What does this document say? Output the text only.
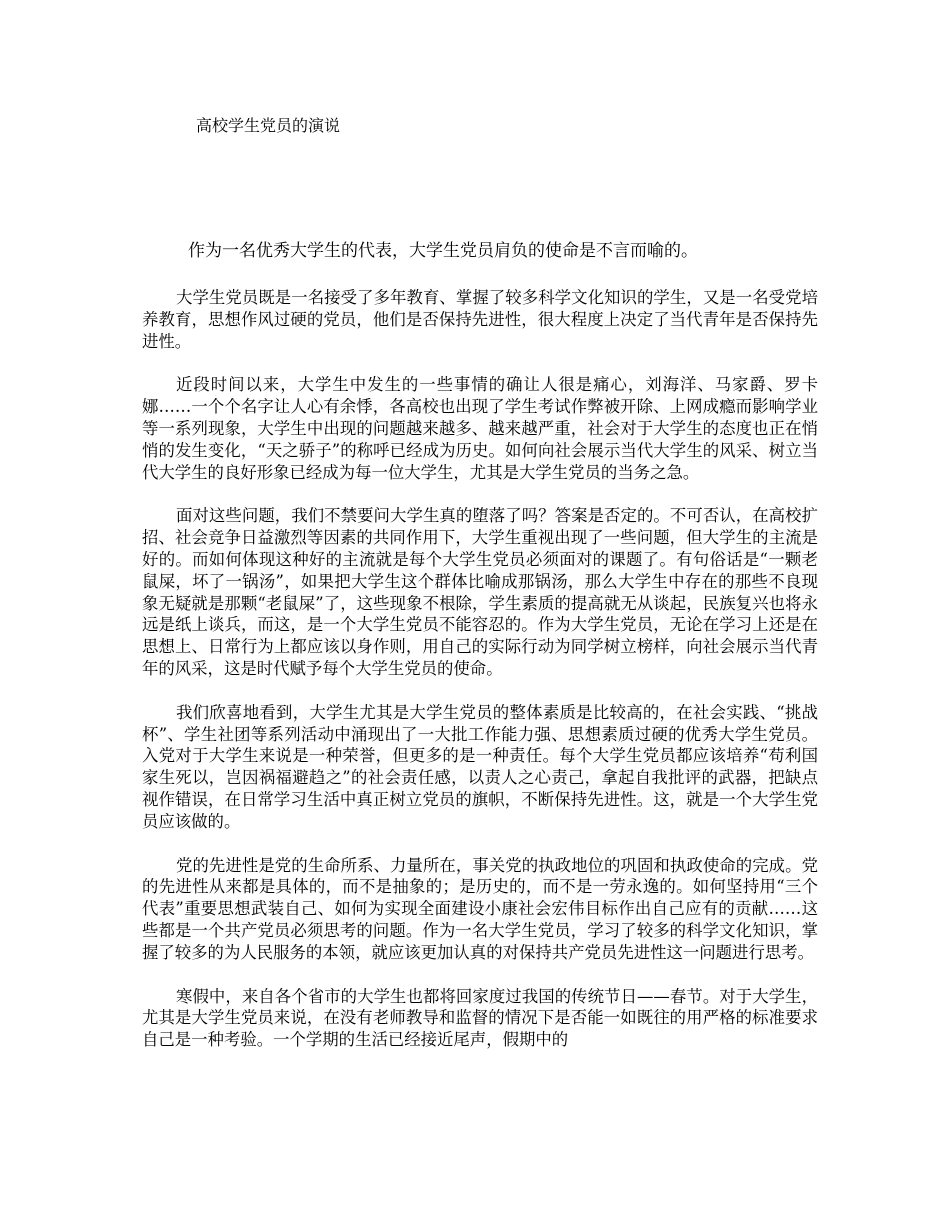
高校学生党员的演说

作为一名优秀大学生的代表，大学生党员肩负的使命是不言而喻的。

大学生党员既是一名接受了多年教育、掌握了较多科学文化知识的学生，又是一名受党培养教育，思想作风过硬的党员，他们是否保持先进性，很大程度上决定了当代青年是否保持先进性。

近段时间以来，大学生中发生的一些事情的确让人很是痛心，刘海洋、马家爵、罗卡娜……一个个名字让人心有余悸，各高校也出现了学生考试作弊被开除、上网成瘾而影响学业等一系列现象，大学生中出现的问题越来越多、越来越严重，社会对于大学生的态度也正在悄悄的发生变化，“天之骄子”的称呼已经成为历史。如何向社会展示当代大学生的风采、树立当代大学生的良好形象已经成为每一位大学生，尤其是大学生党员的当务之急。

面对这些问题，我们不禁要问大学生真的堕落了吗？答案是否定的。不可否认，在高校扩招、社会竞争日益激烈等因素的共同作用下，大学生重视出现了一些问题，但大学生的主流是好的。而如何体现这种好的主流就是每个大学生党员必须面对的课题了。有句俗话是“一颗老鼠屎，坏了一锅汤”，如果把大学生这个群体比喻成那锅汤，那么大学生中存在的那些不良现象无疑就是那颗“老鼠屎”了，这些现象不根除，学生素质的提高就无从谈起，民族复兴也将永远是纸上谈兵，而这，是一个大学生党员不能容忍的。作为大学生党员，无论在学习上还是在思想上、日常行为上都应该以身作则，用自己的实际行动为同学树立榜样，向社会展示当代青年的风采，这是时代赋予每个大学生党员的使命。

我们欣喜地看到，大学生尤其是大学生党员的整体素质是比较高的，在社会实践、“挑战杯”、学生社团等系列活动中涌现出了一大批工作能力强、思想素质过硬的优秀大学生党员。入党对于大学生来说是一种荣誉，但更多的是一种责任。每个大学生党员都应该培养“苟利国家生死以，岂因祸福避趋之”的社会责任感，以责人之心责己，拿起自我批评的武器，把缺点视作错误，在日常学习生活中真正树立党员的旗帜，不断保持先进性。这，就是一个大学生党员应该做的。

党的先进性是党的生命所系、力量所在，事关党的执政地位的巩固和执政使命的完成。党的先进性从来都是具体的，而不是抽象的；是历史的，而不是一劳永逸的。如何坚持用“三个代表”重要思想武装自己、如何为实现全面建设小康社会宏伟目标作出自己应有的贡献……这些都是一个共产党员必须思考的问题。作为一名大学生党员，学习了较多的科学文化知识，掌握了较多的为人民服务的本领，就应该更加认真的对保持共产党员先进性这一问题进行思考。

寒假中，来自各个省市的大学生也都将回家度过我国的传统节日——春节。对于大学生，尤其是大学生党员来说，在没有老师教导和监督的情况下是否能一如既往的用严格的标准要求自己是一种考验。一个学期的生活已经接近尾声，假期中的
